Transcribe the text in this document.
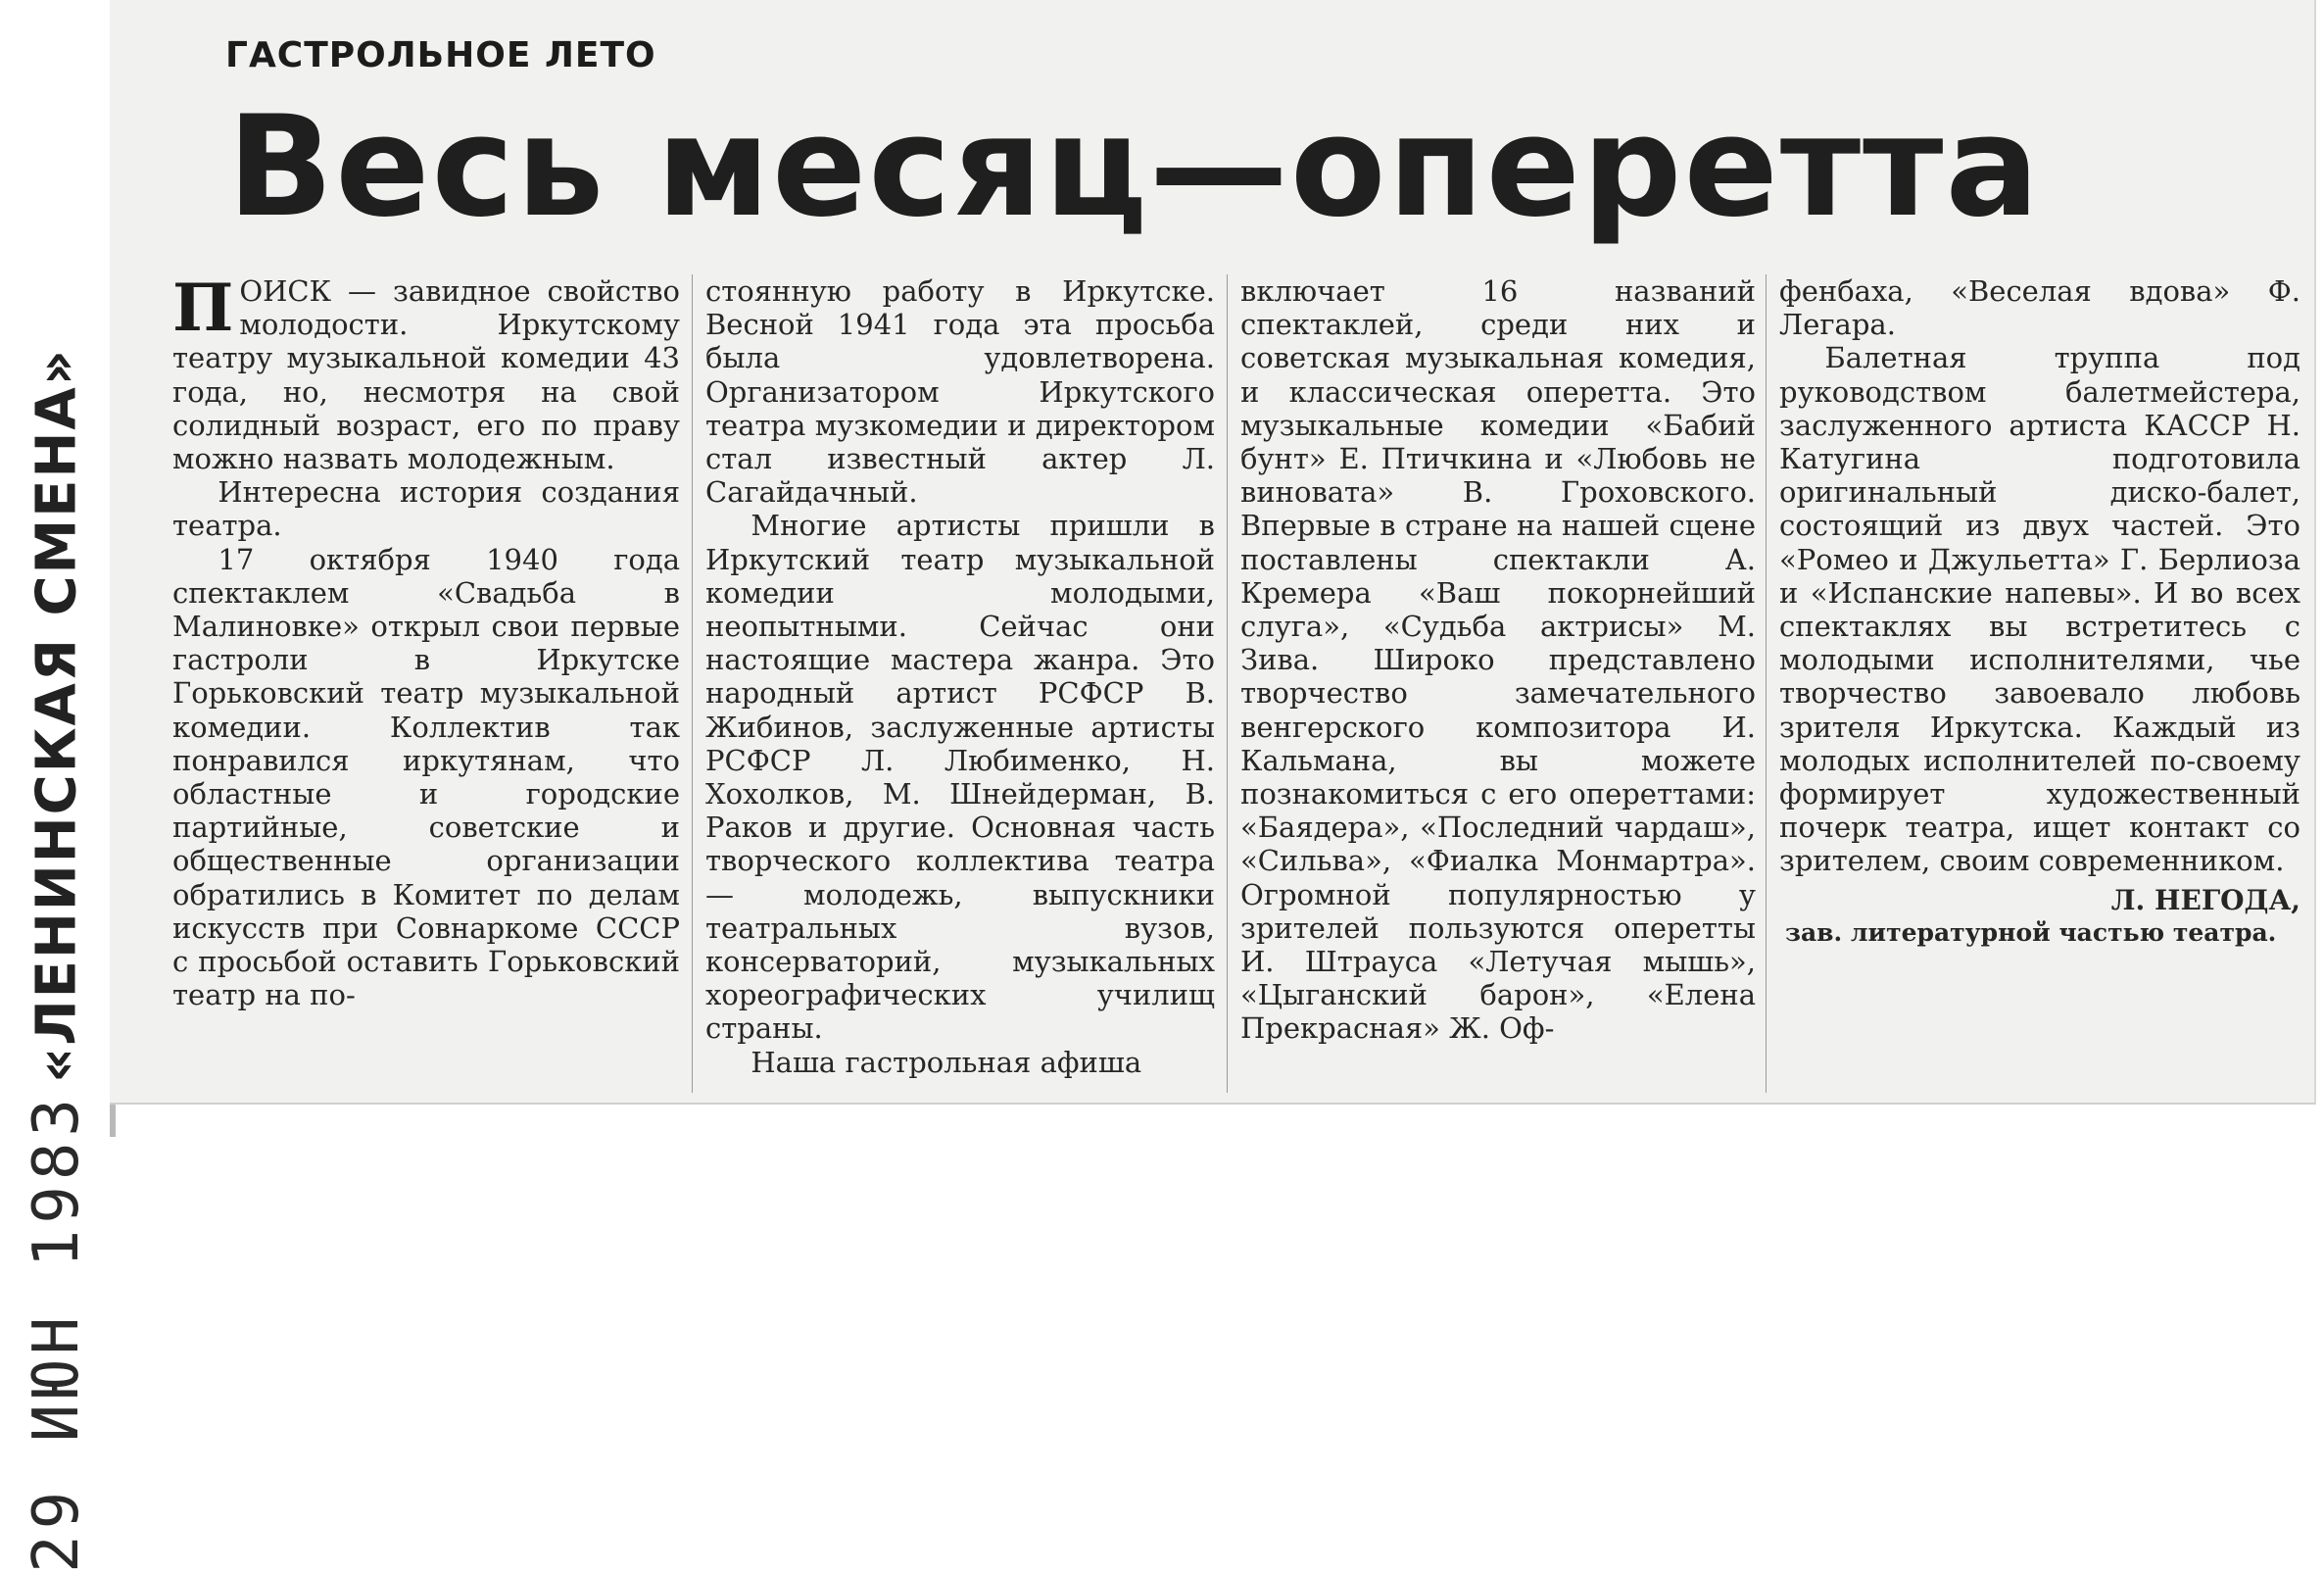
«ЛЕНИНСКАЯ СМЕНА»
29 ИЮН 1983
ГАСТРОЛЬНОЕ ЛЕТО
Весь месяц—оперетта

ПОИСК — завидное свойство молодости. Иркутскому театру музыкальной комедии 43 года, но, несмотря на свой солидный возраст, его по праву можно назвать молодежным.

Интересна история создания театра.

17 октября 1940 года спектаклем «Свадьба в Малиновке» открыл свои первые гастроли в Иркутске Горьковский театр музыкальной комедии. Коллектив так понравился иркутянам, что областные и городские партийные, советские и общественные организации обратились в Комитет по делам искусств при Совнаркоме СССР с просьбой оставить Горьковский театр на по-

стоянную работу в Иркутске. Весной 1941 года эта просьба была удовлетворена. Организатором Иркутского театра музкомедии и директором стал известный актер Л. Сагайдачный.

Многие артисты пришли в Иркутский театр музыкальной комедии молодыми, неопытными. Сейчас они настоящие мастера жанра. Это народный артист РСФСР В. Жибинов, заслуженные артисты РСФСР Л. Любименко, Н. Хохолков, М. Шнейдерман, В. Раков и другие. Основная часть творческого коллектива театра — молодежь, выпускники театральных вузов, консерваторий, музыкальных хореографических училищ страны.

Наша гастрольная афиша

включает 16 названий спектаклей, среди них и советская музыкальная комедия, и классическая оперетта. Это музыкальные комедии «Бабий бунт» Е. Птичкина и «Любовь не виновата» В. Гроховского. Впервые в стране на нашей сцене поставлены спектакли А. Кремера «Ваш покорнейший слуга», «Судьба актрисы» М. Зива. Широко представлено творчество замечательного венгерского композитора И. Кальмана, вы можете познакомиться с его опереттами: «Баядера», «Последний чардаш», «Сильва», «Фиалка Монмартра». Огромной популярностью у зрителей пользуются оперетты И. Штрауса «Летучая мышь», «Цыганский барон», «Елена Прекрасная» Ж. Оф-

фенбаха, «Веселая вдова» Ф. Легара.

Балетная труппа под руководством балетмейстера, заслуженного артиста КАССР Н. Катугина подготовила оригинальный диско-балет, состоящий из двух частей. Это «Ромео и Джульетта» Г. Берлиоза и «Испанские напевы». И во всех спектаклях вы встретитесь с молодыми исполнителями, чье творчество завоевало любовь зрителя Иркутска. Каждый из молодых исполнителей по-своему формирует художественный почерк театра, ищет контакт со зрителем, своим современником.

Л. НЕГОДА,
зав. литературной частью театра.
